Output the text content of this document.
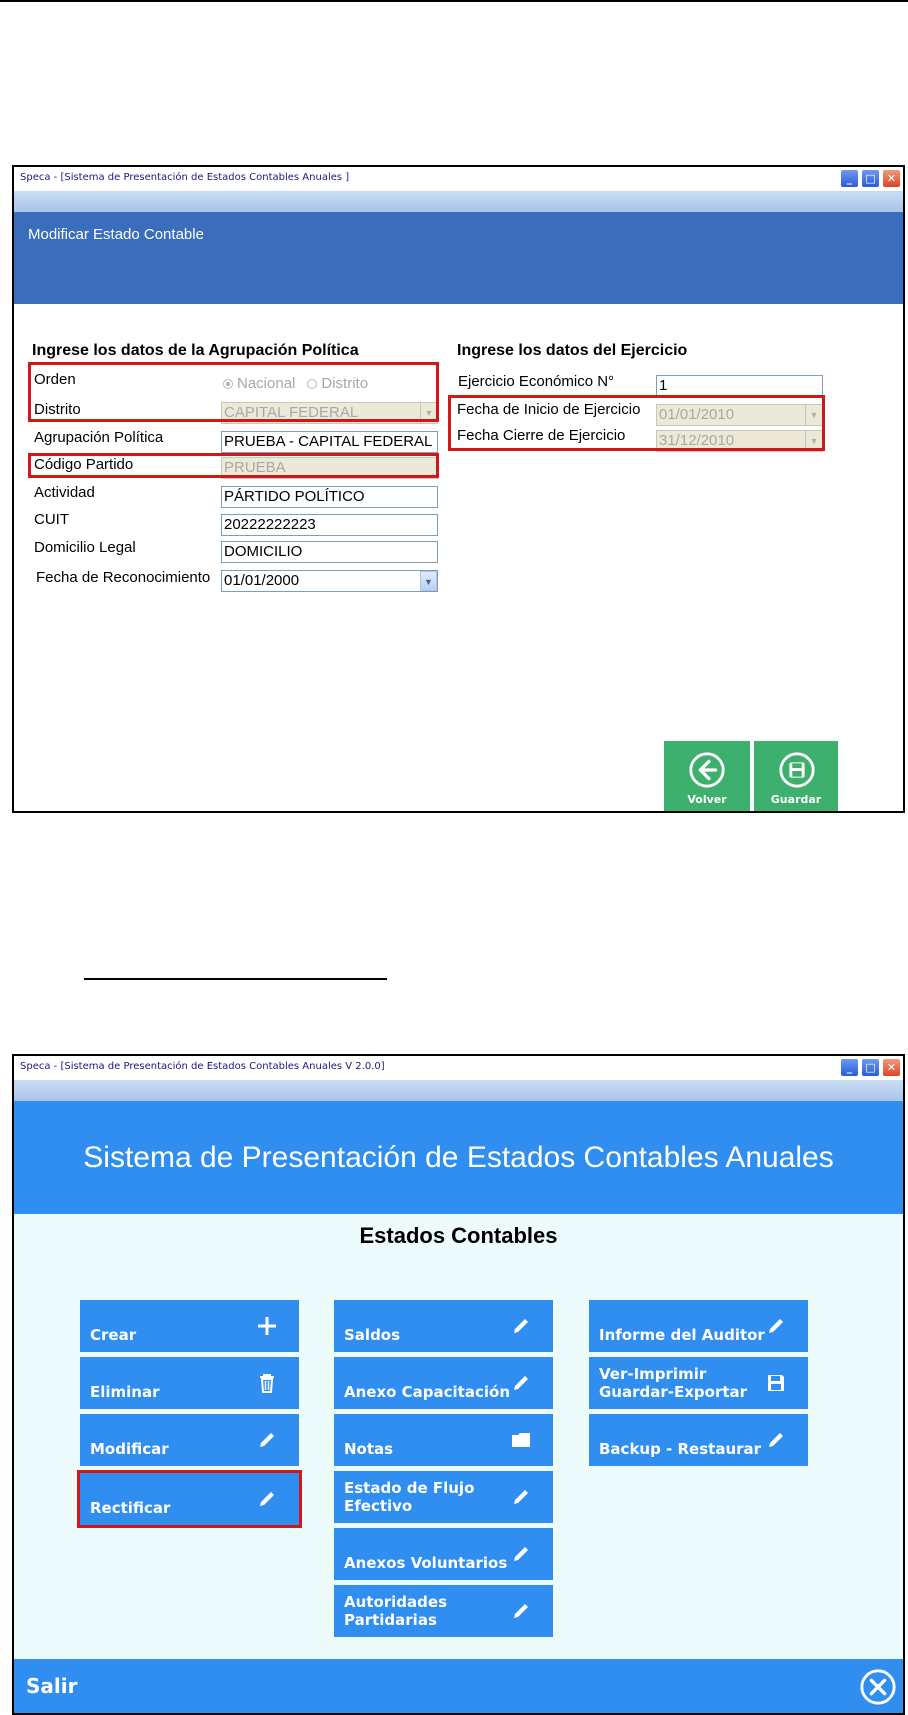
Speca - [Sistema de Presentación de Estados Contables Anuales ]	_	□	✕
Modificar Estado Contable
Ingrese los datos de la Agrupación Política
Orden	Nacional Distrito
Distrito	CAPITAL FEDERAL	▼
Agrupación Política	PRUEBA - CAPITAL FEDERAL
Código Partido	PRUEBA
Actividad	PÁRTIDO POLÍTICO
CUIT	20222222223
Domicilio Legal	DOMICILIO
Fecha de Reconocimiento 01/01/2000	▼
Ingrese los datos del Ejercicio
Ejercicio Económico N°	1
Fecha de Inicio de Ejercicio 01/01/2010	▼
Fecha Cierre de Ejercicio 31/12/2010	▼
Volver	Guardar
Speca - [Sistema de Presentación de Estados Contables Anuales V 2.0.0]	_	□	✕
Sistema de Presentación de Estados Contables Anuales
Estados Contables
Crear
Eliminar
Modificar
Rectificar
Saldos
Anexo Capacitación
Notas
Estado de Flujo
Efectivo
Anexos Voluntarios
Autoridades
Partidarias
Informe del Auditor
Ver-Imprimir
Guardar-Exportar
Backup - Restaurar
Salir
